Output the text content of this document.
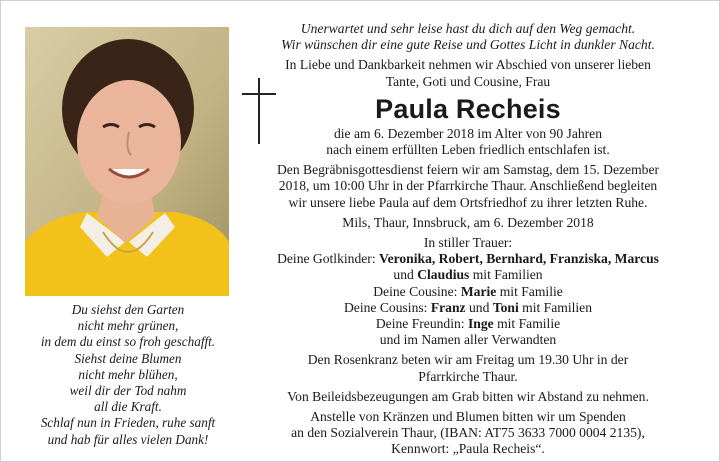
Du siehst den Garten
nicht mehr grünen,
in dem du einst so froh geschafft.
Siehst deine Blumen
nicht mehr blühen,
weil dir der Tod nahm
all die Kraft.
Schlaf nun in Frieden, ruhe sanft
und hab für alles vielen Dank!
Unerwartet und sehr leise hast du dich auf den Weg gemacht.
Wir wünschen dir eine gute Reise und Gottes Licht in dunkler Nacht.
In Liebe und Dankbarkeit nehmen wir Abschied von unserer lieben
Tante, Goti und Cousine, Frau
Paula Recheis
die am 6. Dezember 2018 im Alter von 90 Jahren
nach einem erfüllten Leben friedlich entschlafen ist.
Den Begräbnisgottesdienst feiern wir am Samstag, dem 15. Dezember
2018, um 10:00 Uhr in der Pfarrkirche Thaur. Anschließend begleiten
wir unsere liebe Paula auf dem Ortsfriedhof zu ihrer letzten Ruhe.
Mils, Thaur, Innsbruck, am 6. Dezember 2018
In stiller Trauer:
Deine Gotlkinder: Veronika, Robert, Bernhard, Franziska, Marcus
und Claudius mit Familien
Deine Cousine: Marie mit Familie
Deine Cousins: Franz und Toni mit Familien
Deine Freundin: Inge mit Familie
und im Namen aller Verwandten
Den Rosenkranz beten wir am Freitag um 19.30 Uhr in der
Pfarrkirche Thaur.
Von Beileidsbezeugungen am Grab bitten wir Abstand zu nehmen.
Anstelle von Kränzen und Blumen bitten wir um Spenden
an den Sozialverein Thaur, (IBAN: AT75 3633 7000 0004 2135),
Kennwort: „Paula Recheis“.
